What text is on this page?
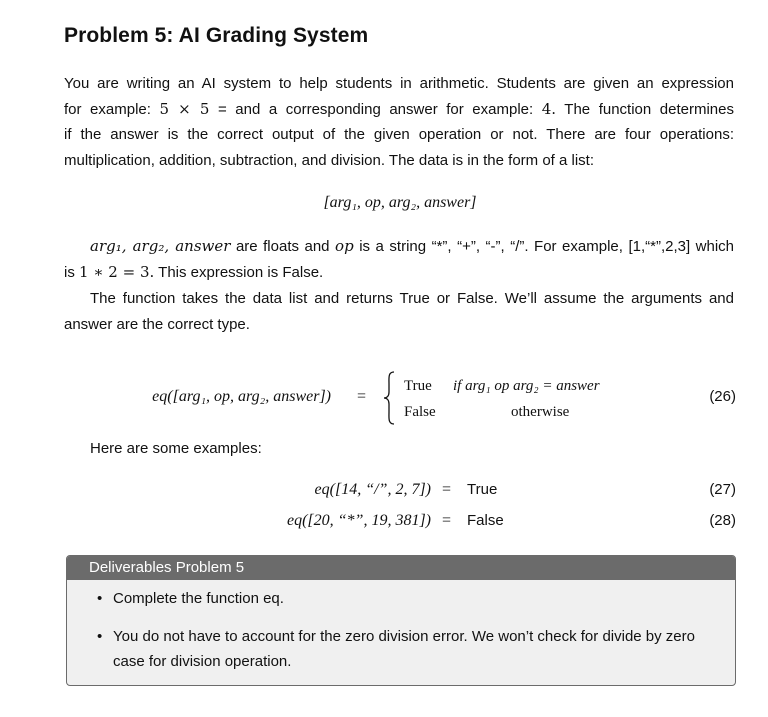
Problem 5: AI Grading System
You are writing an AI system to help students in arithmetic. Students are given an expression
for example: 5 × 5 = and a corresponding answer for example: 4. The function determines
if the answer is the correct output of the given operation or not. There are four operations:
multiplication, addition, subtraction, and division. The data is in the form of a list:
[arg₁, op, arg₂, answer]
arg₁, arg₂, answer are floats and op is a string “*”, “+”, “-”, “/”. For example, [1,“*”,2,3] which
is 1 ∗ 2 = 3. This expression is False.
The function takes the data list and returns True or False. We’ll assume the arguments and
answer are the correct type.
eq([arg₁, op, arg₂, answer]) =
True if arg₁ op arg₂ = answer
False	otherwise
(26)
Here are some examples:
eq([14, “/”, 2, 7]) = True	(27)
eq([20, “*”, 19, 381]) = False	(28)
Deliverables Problem 5
• Complete the function eq.
• You do not have to account for the zero division error. We won’t check for divide by zero case for division operation.
